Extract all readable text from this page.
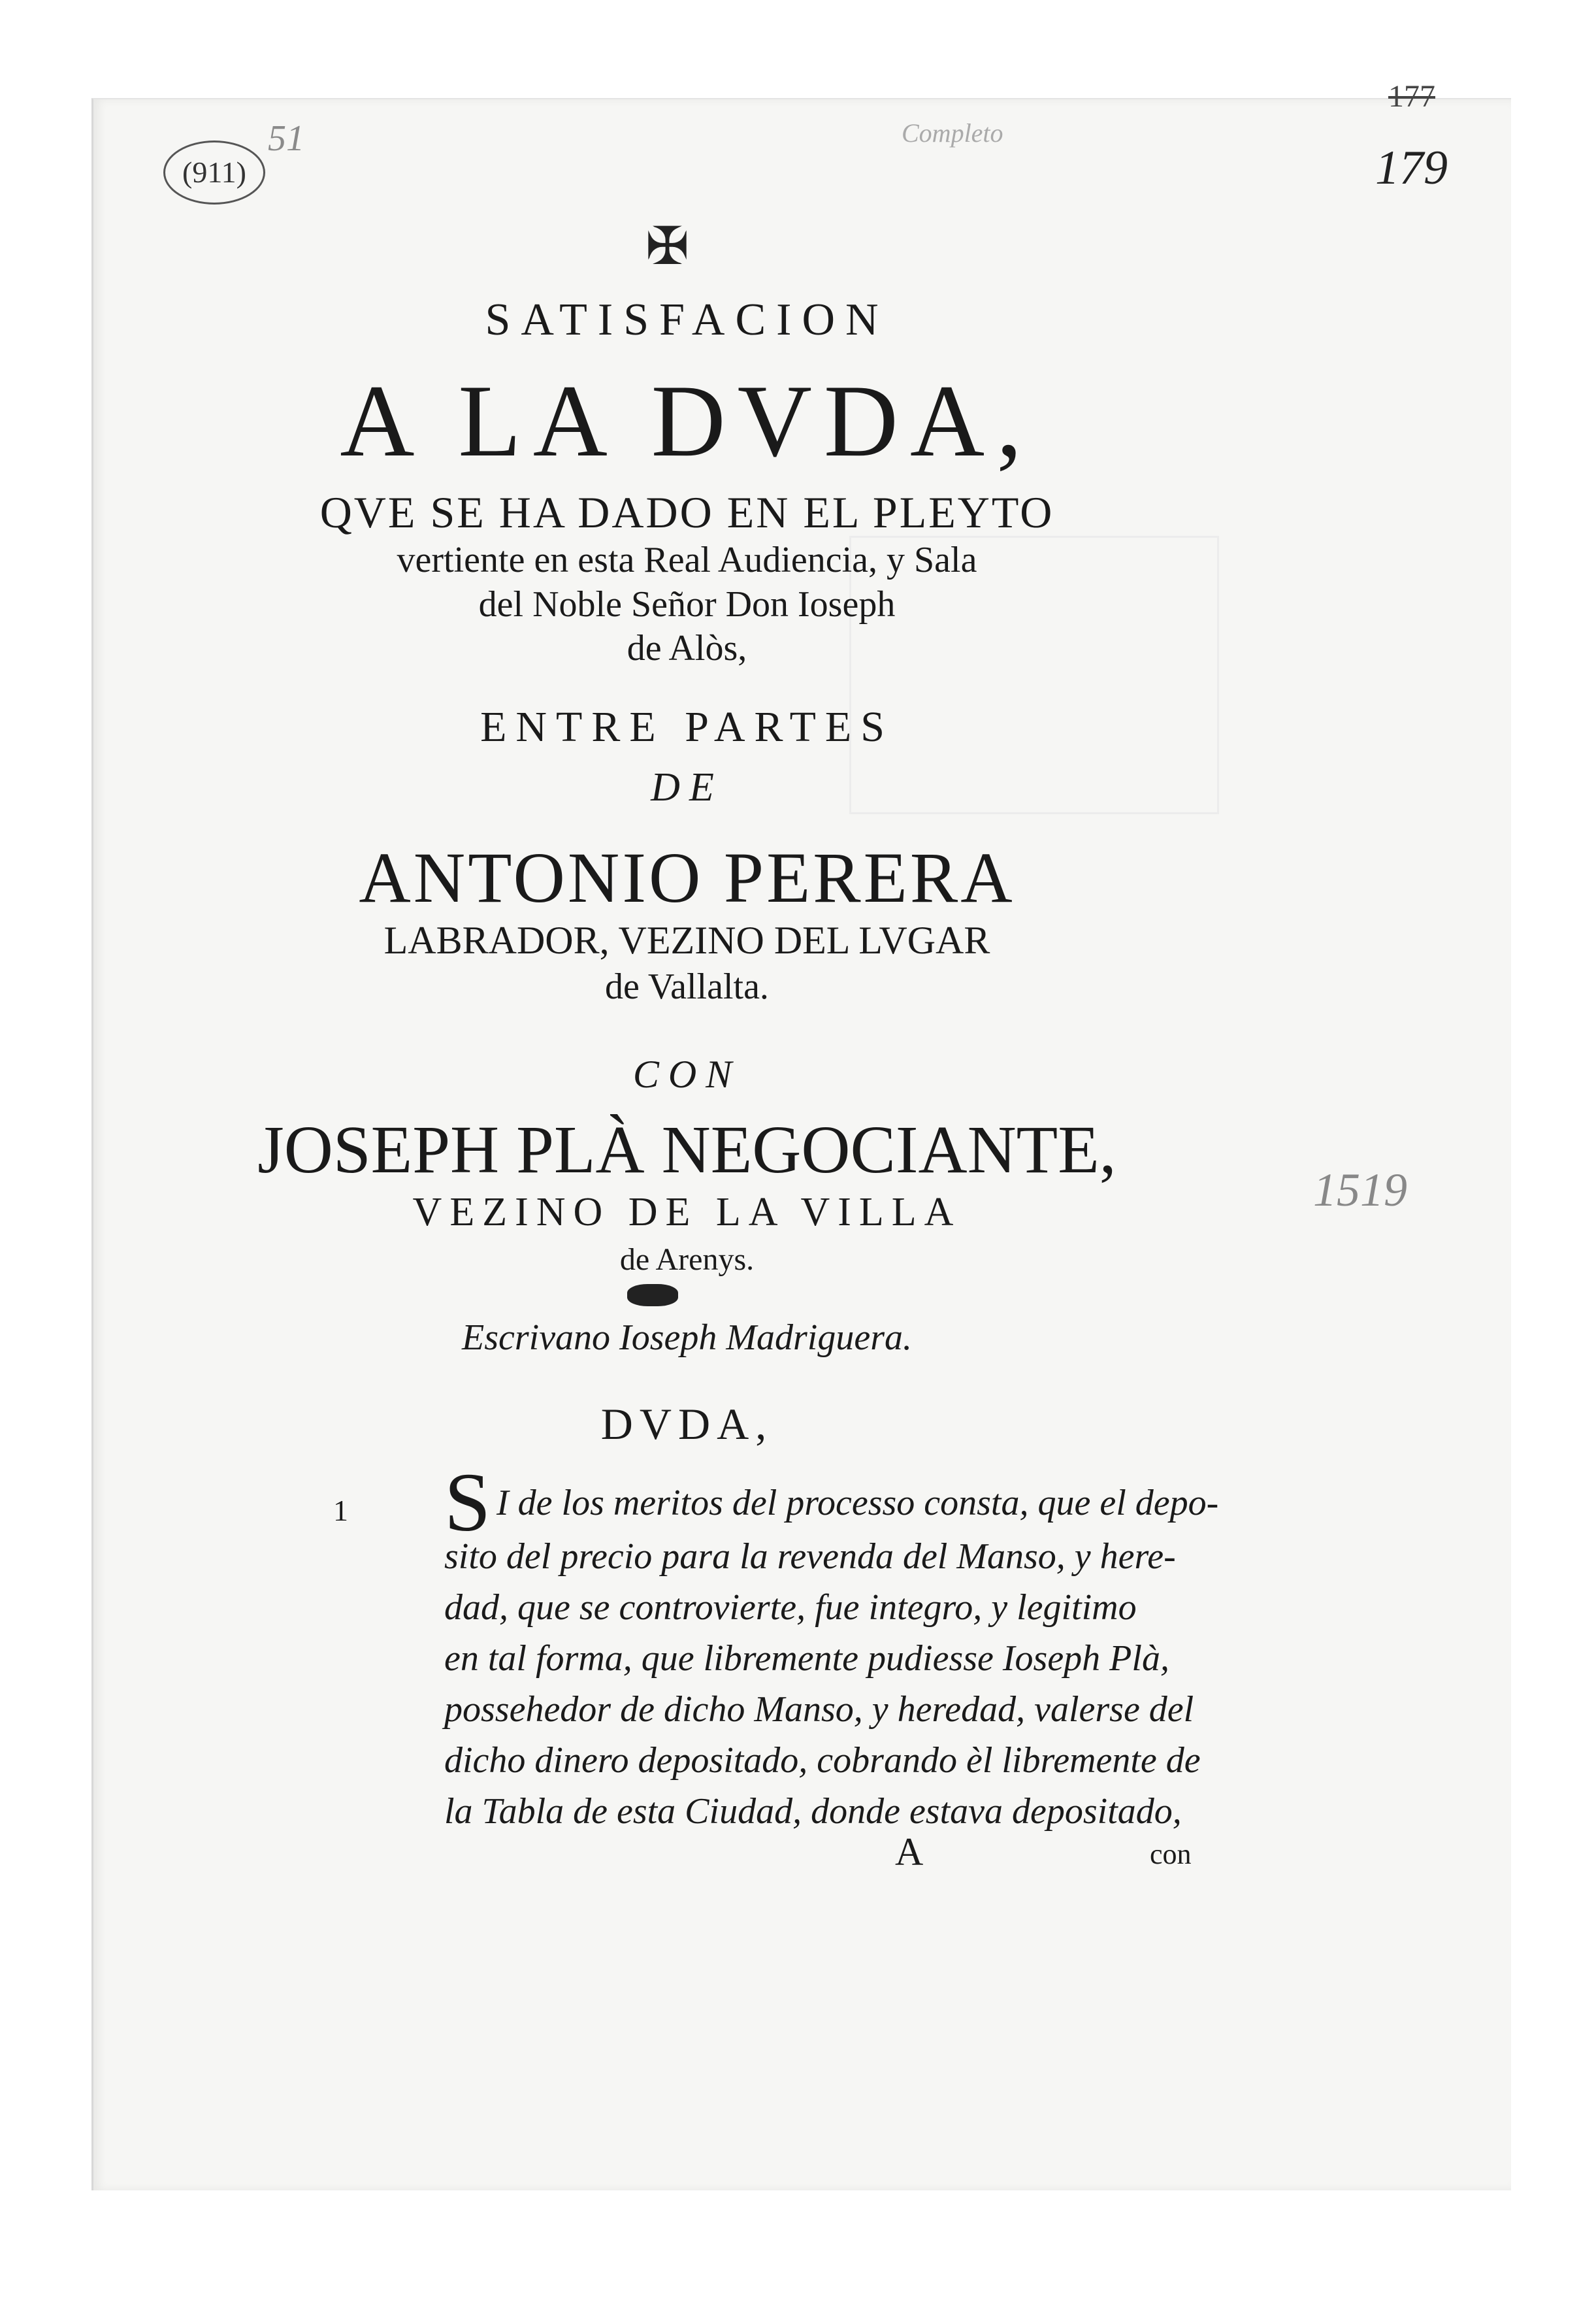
(911)
51	Completo
177
179
1519
✠
SATISFACION
A LA DVDA,
QVE SE HA DADO EN EL PLEYTO
vertiente en esta Real Audiencia, y Sala
del Noble Señor Don Ioseph
de Alòs,
ENTRE PARTES
DE
ANTONIO PERERA
LABRADOR, VEZINO DEL LVGAR
de Vallalta.
CON
JOSEPH PLÀ NEGOCIANTE,
VEZINO DE LA VILLA
de Arenys.
Escrivano Ioseph Madriguera.
DVDA,
1 S I de los meritos del processo consta, que el depo-
sito del precio para la revenda del Manso, y here-
dad, que se controvierte, fue integro, y legitimo
en tal forma, que libremente pudiesse Ioseph Plà,
possehedor de dicho Manso, y heredad, valerse del
dicho dinero depositado, cobrando èl libremente de
la Tabla de esta Ciudad, donde estava depositado,
A	con
